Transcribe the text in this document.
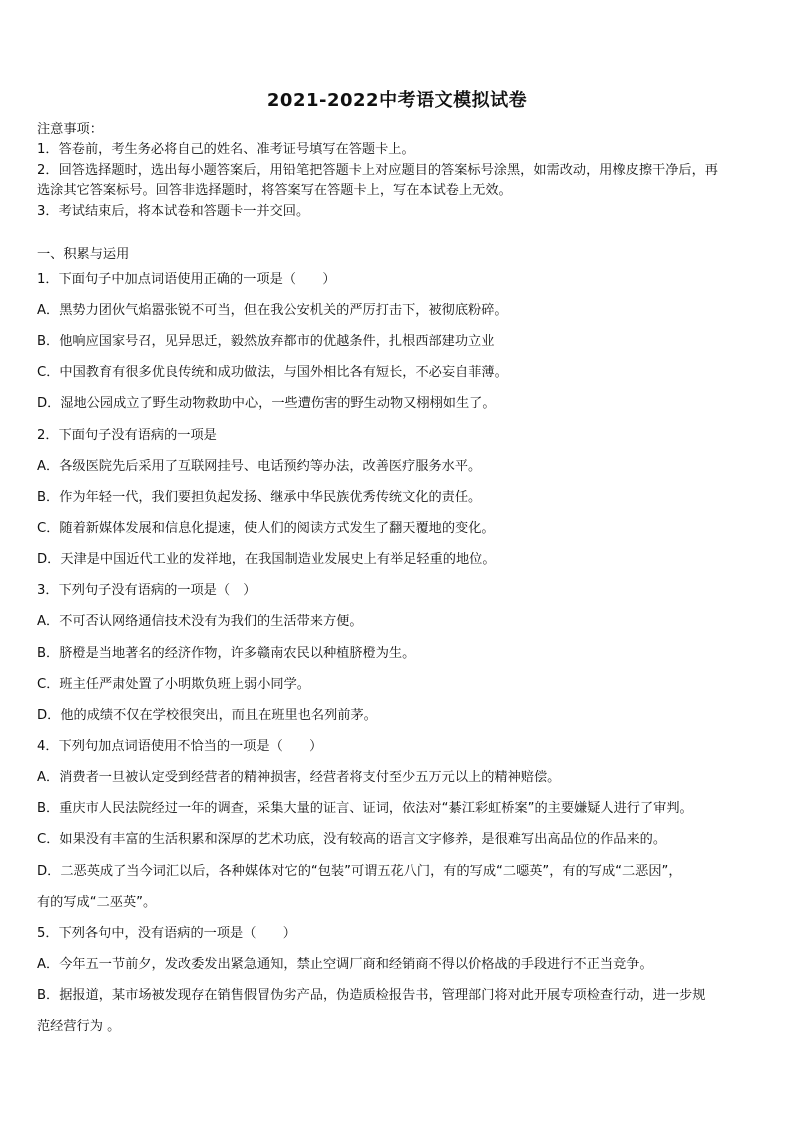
2021-2022中考语文模拟试卷
注意事项：
1．答卷前，考生务必将自己的姓名、准考证号填写在答题卡上。
2．回答选择题时，选出每小题答案后，用铅笔把答题卡上对应题目的答案标号涂黑，如需改动，用橡皮擦干净后，再
选涂其它答案标号。回答非选择题时，将答案写在答题卡上，写在本试卷上无效。
3．考试结束后，将本试卷和答题卡一并交回。
一、积累与运用
1．下面句子中加点词语使用正确的一项是（　　）
A．黑势力团伙气焰嚣张锐不可当，但在我公安机关的严厉打击下，被彻底粉碎。
B．他响应国家号召，见异思迁，毅然放弃都市的优越条件，扎根西部建功立业
C．中国教育有很多优良传统和成功做法，与国外相比各有短长，不必妄自菲薄。
D．湿地公园成立了野生动物救助中心，一些遭伤害的野生动物又栩栩如生了。
2．下面句子没有语病的一项是
A．各级医院先后采用了互联网挂号、电话预约等办法，改善医疗服务水平。
B．作为年轻一代，我们要担负起发扬、继承中华民族优秀传统文化的责任。
C．随着新媒体发展和信息化提速，使人们的阅读方式发生了翻天覆地的变化。
D．天津是中国近代工业的发祥地，在我国制造业发展史上有举足轻重的地位。
3．下列句子没有语病的一项是（　）
A．不可否认网络通信技术没有为我们的生活带来方便。
B．脐橙是当地著名的经济作物，许多赣南农民以种植脐橙为生。
C．班主任严肃处置了小明欺负班上弱小同学。
D．他的成绩不仅在学校很突出，而且在班里也名列前茅。
4．下列句加点词语使用不恰当的一项是（　　）
A．消费者一旦被认定受到经营者的精神损害，经营者将支付至少五万元以上的精神赔偿。
B．重庆市人民法院经过一年的调查，采集大量的证言、证词，依法对“綦江彩虹桥案”的主要嫌疑人进行了审判。
C．如果没有丰富的生活积累和深厚的艺术功底，没有较高的语言文字修养，是很难写出高品位的作品来的。
D．二恶英成了当今词汇以后，各种媒体对它的“包装”可谓五花八门，有的写成“二噁英”，有的写成“二恶因”，
有的写成“二巫英”。
5．下列各句中，没有语病的一项是（　　）
A．今年五一节前夕，发改委发出紧急通知，禁止空调厂商和经销商不得以价格战的手段进行不正当竞争。
B．据报道，某市场被发现存在销售假冒伪劣产品，伪造质检报告书，管理部门将对此开展专项检查行动，进一步规
范经营行为 。
